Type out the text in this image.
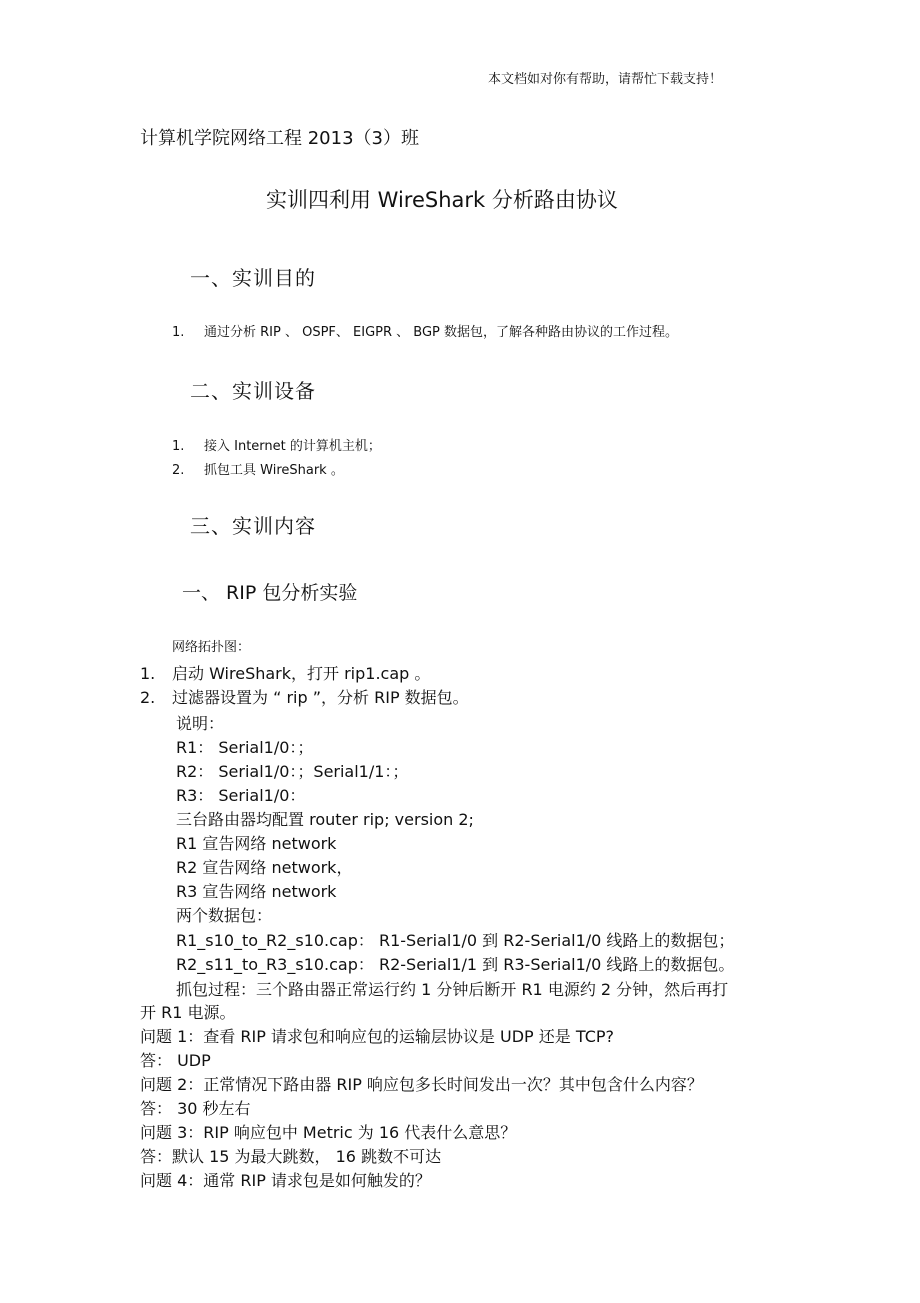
本文档如对你有帮助，请帮忙下载支持！
计算机学院网络工程 2013（3）班
实训四利用 WireShark 分析路由协议
一、实训目的
1. 通过分析 RIP 、 OSPF、 EIGPR 、 BGP 数据包，了解各种路由协议的工作过程。
二、实训设备
1. 接入 Internet 的计算机主机；
2. 抓包工具 WireShark 。
三、实训内容
一、 RIP 包分析实验
网络拓扑图：
1. 启动 WireShark，打开 rip1.cap 。
2. 过滤器设置为 “ rip ”，分析 RIP 数据包。
说明：
R1： Serial1/0：；
R2： Serial1/0：；Serial1/1：；
R3： Serial1/0：
三台路由器均配置 router rip; version 2;
R1 宣告网络 network
R2 宣告网络 network，
R3 宣告网络 network
两个数据包：
R1_s10_to_R2_s10.cap： R1-Serial1/0 到 R2-Serial1/0 线路上的数据包；
R2_s11_to_R3_s10.cap： R2-Serial1/1 到 R3-Serial1/0 线路上的数据包。
抓包过程：三个路由器正常运行约 1 分钟后断开 R1 电源约 2 分钟，然后再打
开 R1 电源。
问题 1：查看 RIP 请求包和响应包的运输层协议是 UDP 还是 TCP?
答： UDP
问题 2：正常情况下路由器 RIP 响应包多长时间发出一次？其中包含什么内容？
答： 30 秒左右
问题 3：RIP 响应包中 Metric 为 16 代表什么意思？
答：默认 15 为最大跳数， 16 跳数不可达
问题 4：通常 RIP 请求包是如何触发的？
